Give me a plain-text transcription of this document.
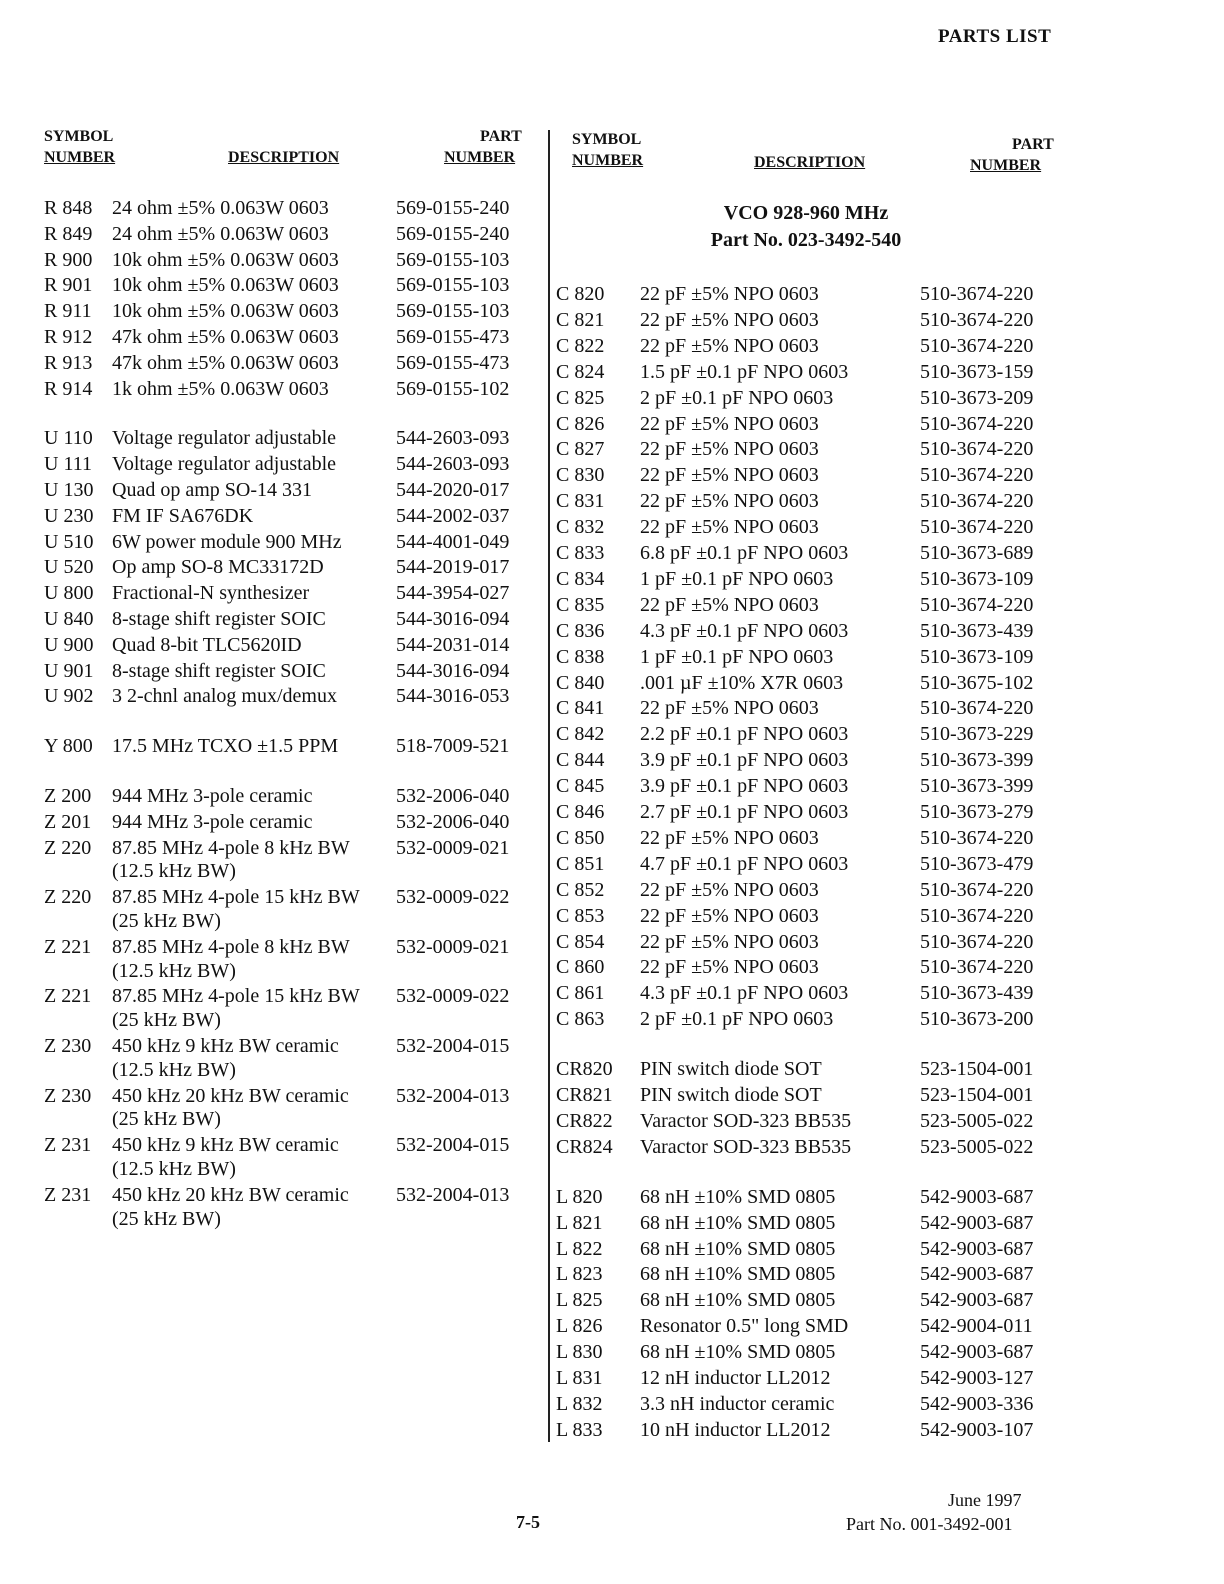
PARTS LIST
SYMBOL
NUMBER	DESCRIPTION
PART
NUMBER
R 848 24 ohm ±5% 0.063W 0603	569-0155-240
R 849 24 ohm ±5% 0.063W 0603	569-0155-240
R 900 10k ohm ±5% 0.063W 0603	569-0155-103
R 901 10k ohm ±5% 0.063W 0603	569-0155-103
R 911 10k ohm ±5% 0.063W 0603	569-0155-103
R 912 47k ohm ±5% 0.063W 0603	569-0155-473
R 913 47k ohm ±5% 0.063W 0603	569-0155-473
R 914 1k ohm ±5% 0.063W 0603	569-0155-102
U 110 Voltage regulator adjustable	544-2603-093
U 111 Voltage regulator adjustable	544-2603-093
U 130 Quad op amp SO-14 331	544-2020-017
U 230 FM IF SA676DK	544-2002-037
U 510 6W power module 900 MHz	544-4001-049
U 520 Op amp SO-8 MC33172D	544-2019-017
U 800 Fractional-N synthesizer	544-3954-027
U 840 8-stage shift register SOIC	544-3016-094
U 900 Quad 8-bit TLC5620ID	544-2031-014
U 901 8-stage shift register SOIC	544-3016-094
U 902 3 2-chnl analog mux/demux	544-3016-053
Y 800 17.5 MHz TCXO ±1.5 PPM	518-7009-521
Z 200 944 MHz 3-pole ceramic	532-2006-040
Z 201 944 MHz 3-pole ceramic	532-2006-040
Z 220 87.85 MHz 4-pole 8 kHz BW 532-0009-021
(12.5 kHz BW)
Z 220 87.85 MHz 4-pole 15 kHz BW 532-0009-022
(25 kHz BW)
Z 221 87.85 MHz 4-pole 8 kHz BW 532-0009-021
(12.5 kHz BW)
Z 221 87.85 MHz 4-pole 15 kHz BW 532-0009-022
(25 kHz BW)
Z 230 450 kHz 9 kHz BW ceramic	532-2004-015
(12.5 kHz BW)
Z 230 450 kHz 20 kHz BW ceramic 532-2004-013
(25 kHz BW)
Z 231 450 kHz 9 kHz BW ceramic	532-2004-015
(12.5 kHz BW)
Z 231 450 kHz 20 kHz BW ceramic 532-2004-013
(25 kHz BW)
SYMBOL
NUMBER	DESCRIPTION
PART
NUMBER
VCO 928-960 MHz
Part No. 023-3492-540
C 820 22 pF ±5% NPO 0603	510-3674-220
C 821 22 pF ±5% NPO 0603	510-3674-220
C 822 22 pF ±5% NPO 0603	510-3674-220
C 824 1.5 pF ±0.1 pF NPO 0603	510-3673-159
C 825 2 pF ±0.1 pF NPO 0603	510-3673-209
C 826 22 pF ±5% NPO 0603	510-3674-220
C 827 22 pF ±5% NPO 0603	510-3674-220
C 830 22 pF ±5% NPO 0603	510-3674-220
C 831 22 pF ±5% NPO 0603	510-3674-220
C 832 22 pF ±5% NPO 0603	510-3674-220
C 833 6.8 pF ±0.1 pF NPO 0603	510-3673-689
C 834 1 pF ±0.1 pF NPO 0603	510-3673-109
C 835 22 pF ±5% NPO 0603	510-3674-220
C 836 4.3 pF ±0.1 pF NPO 0603	510-3673-439
C 838 1 pF ±0.1 pF NPO 0603	510-3673-109
C 840 .001 µF ±10% X7R 0603	510-3675-102
C 841 22 pF ±5% NPO 0603	510-3674-220
C 842 2.2 pF ±0.1 pF NPO 0603	510-3673-229
C 844 3.9 pF ±0.1 pF NPO 0603	510-3673-399
C 845 3.9 pF ±0.1 pF NPO 0603	510-3673-399
C 846 2.7 pF ±0.1 pF NPO 0603	510-3673-279
C 850 22 pF ±5% NPO 0603	510-3674-220
C 851 4.7 pF ±0.1 pF NPO 0603	510-3673-479
C 852 22 pF ±5% NPO 0603	510-3674-220
C 853 22 pF ±5% NPO 0603	510-3674-220
C 854 22 pF ±5% NPO 0603	510-3674-220
C 860 22 pF ±5% NPO 0603	510-3674-220
C 861 4.3 pF ±0.1 pF NPO 0603	510-3673-439
C 863 2 pF ±0.1 pF NPO 0603	510-3673-200
CR820 PIN switch diode SOT	523-1504-001
CR821 PIN switch diode SOT	523-1504-001
CR822 Varactor SOD-323 BB535	523-5005-022
CR824 Varactor SOD-323 BB535	523-5005-022
L 820 68 nH ±10% SMD 0805	542-9003-687
L 821 68 nH ±10% SMD 0805	542-9003-687
L 822 68 nH ±10% SMD 0805	542-9003-687
L 823 68 nH ±10% SMD 0805	542-9003-687
L 825 68 nH ±10% SMD 0805	542-9003-687
L 826 Resonator 0.5" long SMD	542-9004-011
L 830 68 nH ±10% SMD 0805	542-9003-687
L 831 12 nH inductor LL2012	542-9003-127
L 832 3.3 nH inductor ceramic	542-9003-336
L 833 10 nH inductor LL2012	542-9003-107
June 1997
7-5	Part No. 001-3492-001
